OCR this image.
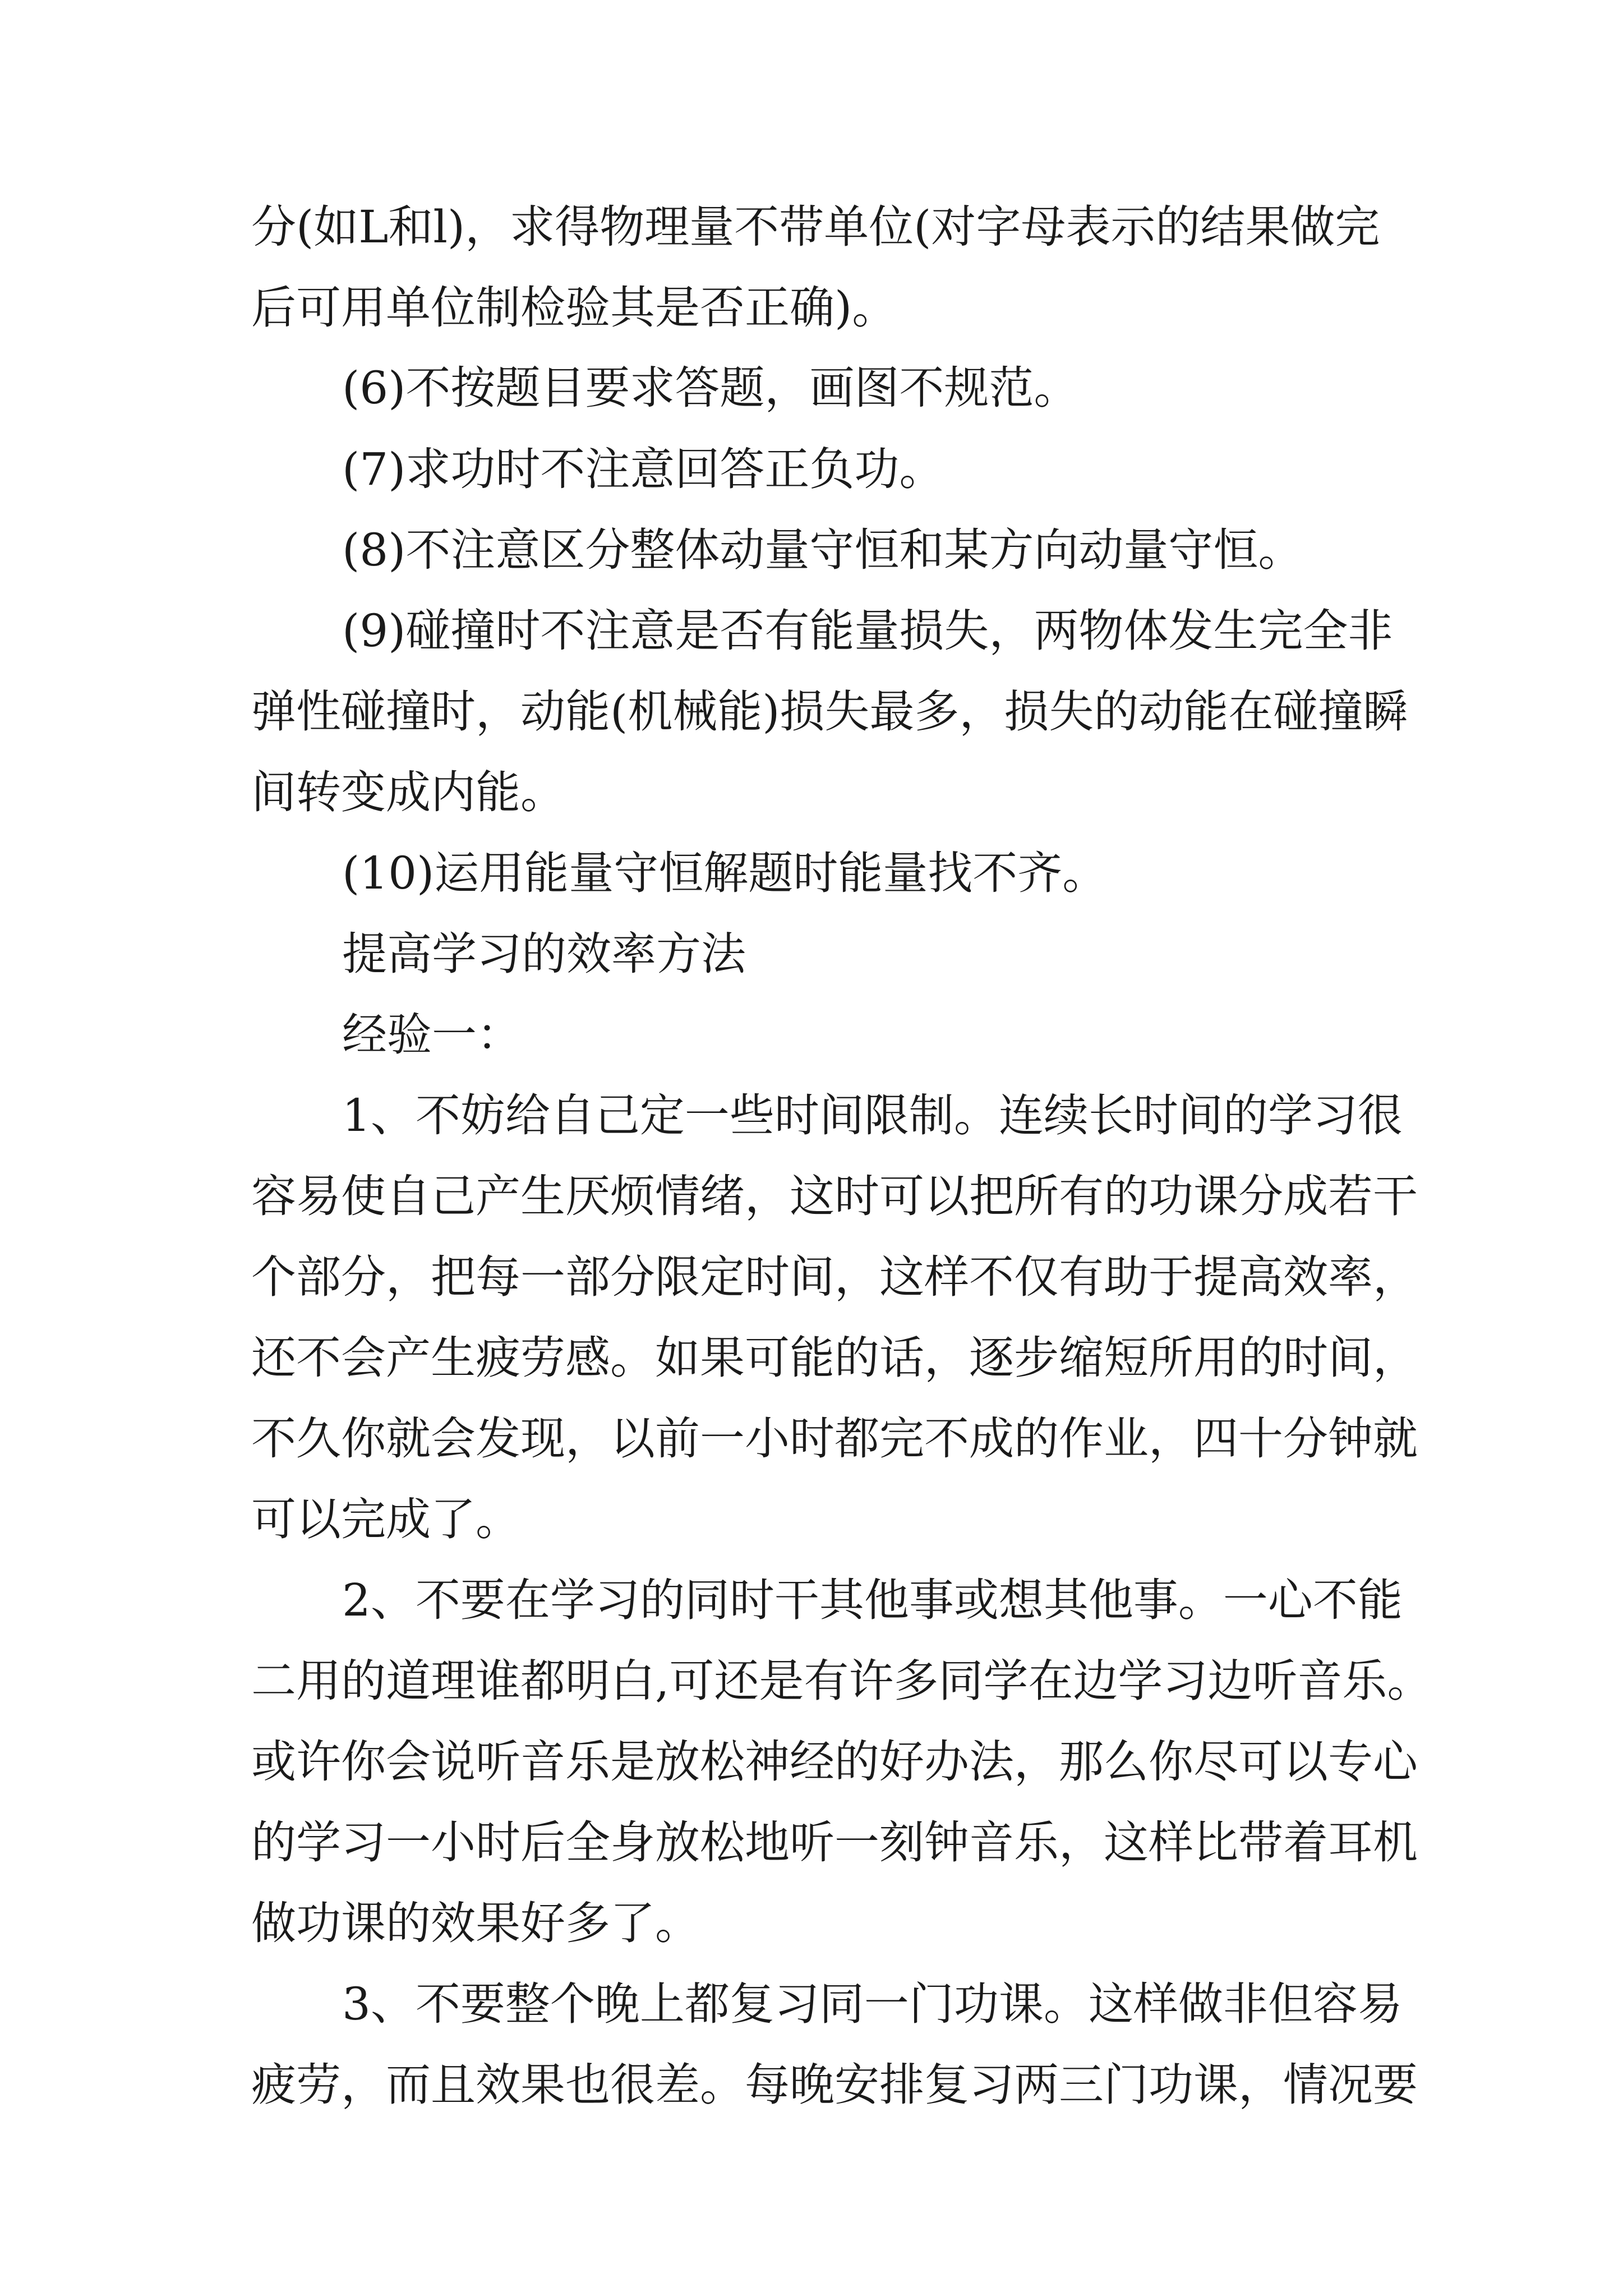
分(如L和l)，求得物理量不带单位(对字母表示的结果做完
后可用单位制检验其是否正确)。
(6)不按题目要求答题，画图不规范。
(7)求功时不注意回答正负功。
(8)不注意区分整体动量守恒和某方向动量守恒。
(9)碰撞时不注意是否有能量损失，两物体发生完全非
弹性碰撞时，动能(机械能)损失最多，损失的动能在碰撞瞬
间转变成内能。
(10)运用能量守恒解题时能量找不齐。
提高学习的效率方法
经验一：
1、不妨给自己定一些时间限制。连续长时间的学习很
容易使自己产生厌烦情绪，这时可以把所有的功课分成若干
个部分，把每一部分限定时间，这样不仅有助于提高效率，
还不会产生疲劳感。如果可能的话，逐步缩短所用的时间，
不久你就会发现，以前一小时都完不成的作业，四十分钟就
可以完成了。
2、不要在学习的同时干其他事或想其他事。一心不能
二用的道理谁都明白,可还是有许多同学在边学习边听音乐。
或许你会说听音乐是放松神经的好办法，那么你尽可以专心
的学习一小时后全身放松地听一刻钟音乐，这样比带着耳机
做功课的效果好多了。
3、不要整个晚上都复习同一门功课。这样做非但容易
疲劳，而且效果也很差。每晚安排复习两三门功课，情况要
